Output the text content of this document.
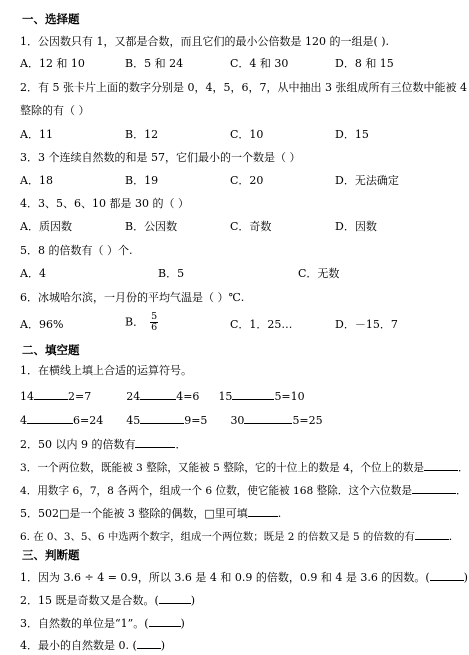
一、选择题
1．公因数只有 1，又都是合数，而且它们的最小公倍数是 120 的一组是( ).
A．12 和 10	B．5 和 24	C．4 和 30	D．8 和 15
2．有 5 张卡片上面的数字分别是 0，4，5，6，7，从中抽出 3 张组成所有三位数中能被 4
整除的有（ ）
A．11	B．12	C．10	D．15
3．3 个连续自然数的和是 57，它们最小的一个数是（ ）
A．18	B．19	C．20	D．无法确定
4．3、5、6、10 都是 30 的（ ）
A．质因数	B．公因数	C．奇数	D．因数
5．8 的倍数有（ ）个.
A．4	B．5	C．无数
6．冰城哈尔滨，一月份的平均气温是（ ）℃.
A．96%	B． $\frac{5}{6}$	C．1．25…	D．－15．7
二、填空题
1．在横线上填上合适的运算符号。
14	2=7	24	4=6 15	5=10
4	6=24 45	9=5 30	5=25
2．50 以内 9 的倍数有	．
3．一个两位数，既能被 3 整除，又能被 5 整除，它的十位上的数是 4，个位上的数是	．
4．用数字 6，7，8 各两个，组成一个 6 位数，使它能被 168 整除．这个六位数是	．
5．502□是一个能被 3 整除的偶数，□里可填	.
6. 在 0、3、5、6 中选两个数字，组成一个两位数；既是 2 的倍数又是 5 的倍数的有	．
三、判断题
1．因为 3.6 ÷ 4 = 0.9，所以 3.6 是 4 和 0.9 的倍数，0.9 和 4 是 3.6 的因数。(	)
2．15 既是奇数又是合数。(	)
3．自然数的单位是“1”。(	)
4．最小的自然数是 0. ( )
